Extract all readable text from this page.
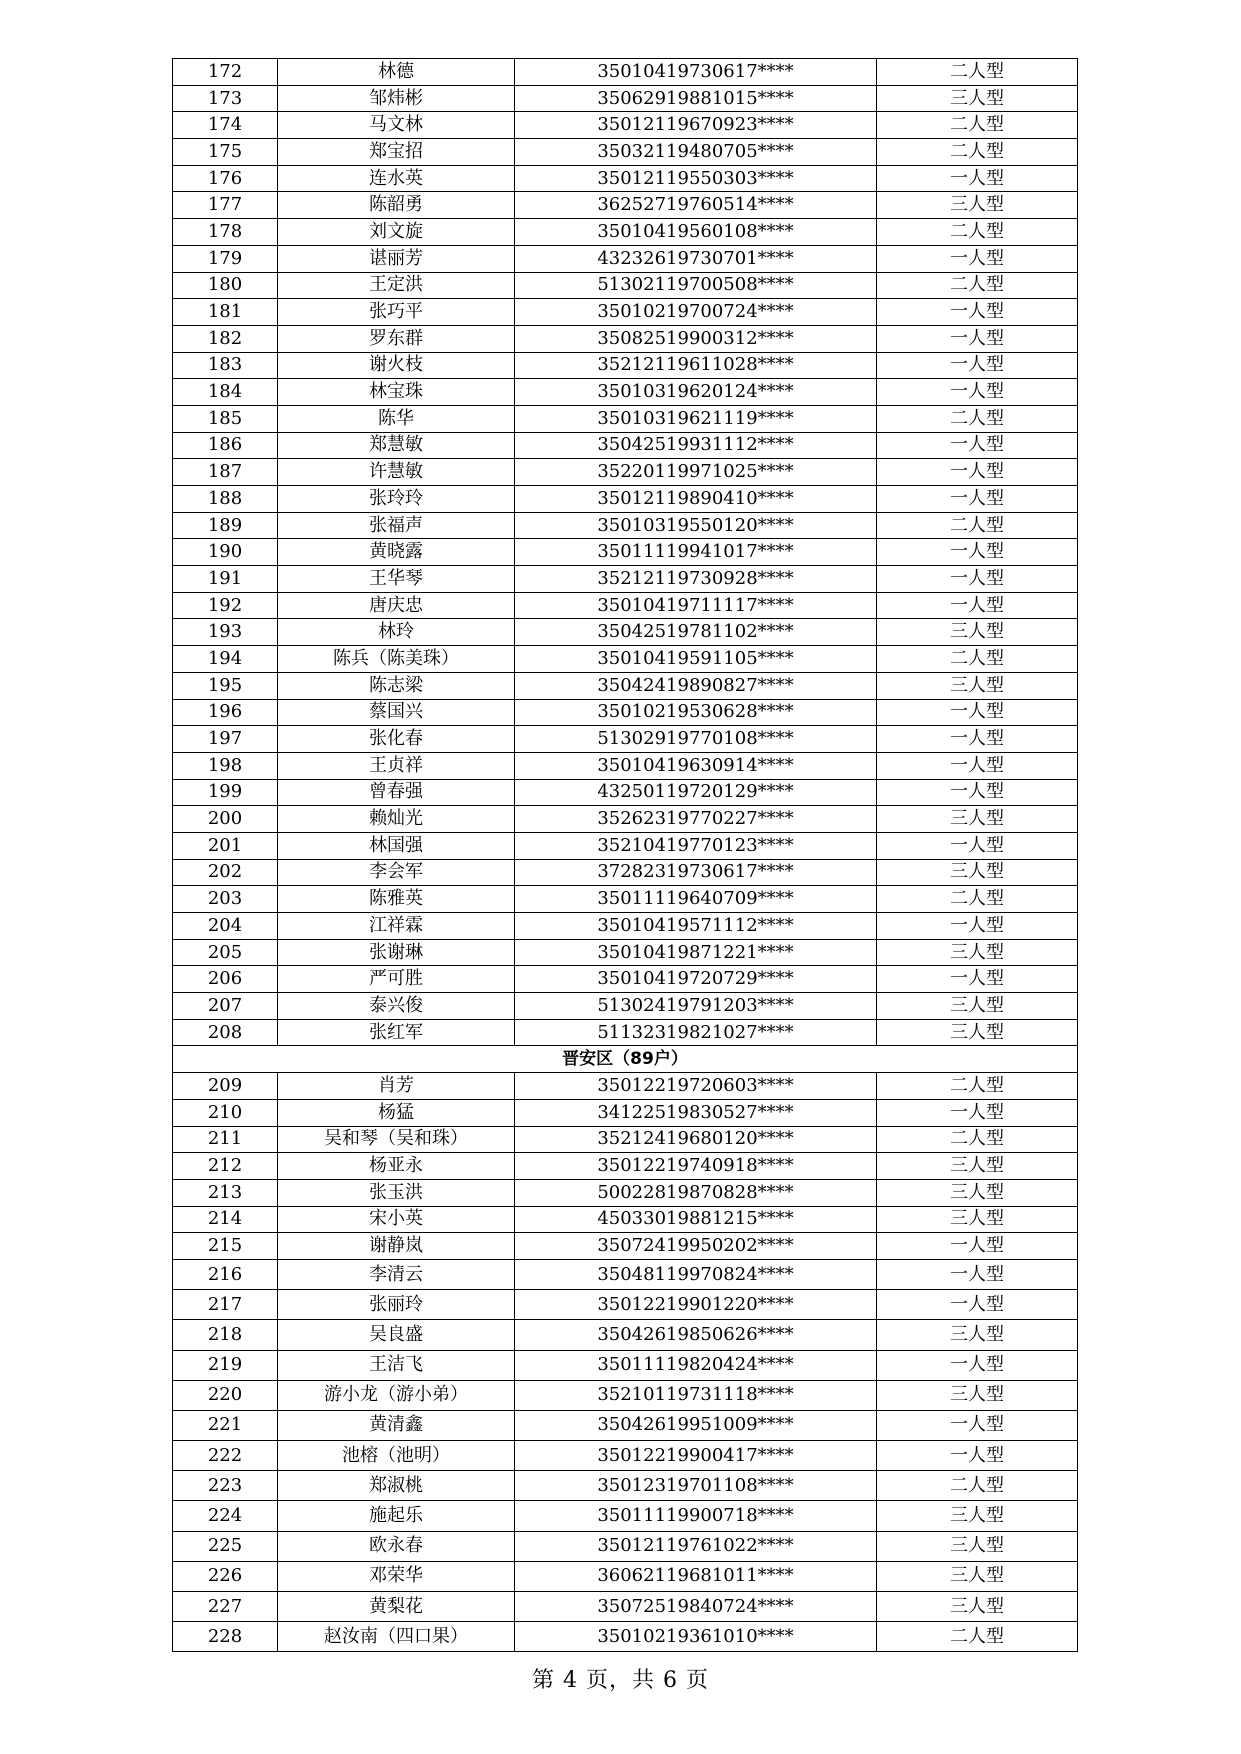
172	林德	35010419730617****	二人型
173	邹炜彬	35062919881015****	三人型
174	马文林	35012119670923****	二人型
175	郑宝招	35032119480705****	二人型
176	连水英	35012119550303****	一人型
177	陈韶勇	36252719760514****	三人型
178	刘文旋	35010419560108****	二人型
179	谌丽芳	43232619730701****	一人型
180	王定洪	51302119700508****	二人型
181	张巧平	35010219700724****	一人型
182	罗东群	35082519900312****	一人型
183	谢火枝	35212119611028****	一人型
184	林宝珠	35010319620124****	一人型
185	陈华	35010319621119****	二人型
186	郑慧敏	35042519931112****	一人型
187	许慧敏	35220119971025****	一人型
188	张玲玲	35012119890410****	一人型
189	张福声	35010319550120****	二人型
190	黄晓露	35011119941017****	一人型
191	王华琴	35212119730928****	一人型
192	唐庆忠	35010419711117****	一人型
193	林玲	35042519781102****	三人型
194	陈兵（陈美珠）	35010419591105****	二人型
195	陈志梁	35042419890827****	三人型
196	蔡国兴	35010219530628****	一人型
197	张化春	51302919770108****	一人型
198	王贞祥	35010419630914****	一人型
199	曾春强	43250119720129****	一人型
200	赖灿光	35262319770227****	三人型
201	林国强	35210419770123****	一人型
202	李会军	37282319730617****	三人型
203	陈雅英	35011119640709****	二人型
204	江祥霖	35010419571112****	一人型
205	张谢琳	35010419871221****	三人型
206	严可胜	35010419720729****	一人型
207	泰兴俊	51302419791203****	三人型
208	张红军	51132319821027****	三人型
晋安区（89户）			
209	肖芳	35012219720603****	二人型
210	杨猛	34122519830527****	一人型
211	吴和琴（吴和珠）	35212419680120****	二人型
212	杨亚永	35012219740918****	三人型
213	张玉洪	50022819870828****	三人型
214	宋小英	45033019881215****	三人型
215	谢静岚	35072419950202****	一人型
216	李清云	35048119970824****	一人型
217	张丽玲	35012219901220****	一人型
218	吴良盛	35042619850626****	三人型
219	王洁飞	35011119820424****	一人型
220	游小龙（游小弟）	35210119731118****	三人型
221	黄清鑫	35042619951009****	一人型
222	池榕（池明）	35012219900417****	一人型
223	郑淑桃	35012319701108****	二人型
224	施起乐	35011119900718****	三人型
225	欧永春	35012119761022****	三人型
226	邓荣华	36062119681011****	三人型
227	黄梨花	35072519840724****	三人型
228	赵汝南（四口果）	35010219361010****	二人型
第 4 页，共 6 页
